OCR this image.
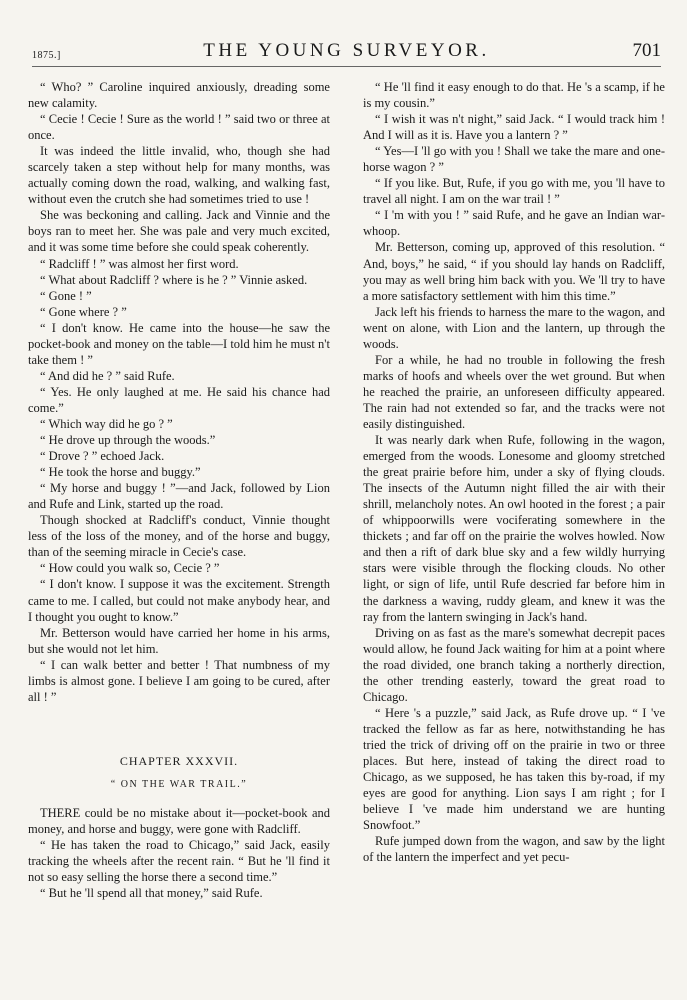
1875.]	THE YOUNG SURVEYOR.	701

“ Who? ” Caroline inquired anxiously, dreading some new calamity.

“ Cecie ! Cecie ! Sure as the world ! ” said two or three at once.

It was indeed the little invalid, who, though she had scarcely taken a step without help for many months, was actually coming down the road, walking, and walking fast, without even the crutch she had sometimes tried to use !

She was beckoning and calling. Jack and Vinnie and the boys ran to meet her. She was pale and very much excited, and it was some time before she could speak coherently.

“ Radcliff ! ” was almost her first word.

“ What about Radcliff ? where is he ? ” Vinnie asked.

“ Gone ! ”

“ Gone where ? ”

“ I don't know. He came into the house—he saw the pocket-book and money on the table—I told him he must n't take them ! ”

“ And did he ? ” said Rufe.

“ Yes. He only laughed at me. He said his chance had come.”

“ Which way did he go ? ”

“ He drove up through the woods.”

“ Drove ? ” echoed Jack.

“ He took the horse and buggy.”

“ My horse and buggy ! ”—and Jack, followed by Lion and Rufe and Link, started up the road.

Though shocked at Radcliff's conduct, Vinnie thought less of the loss of the money, and of the horse and buggy, than of the seeming miracle in Cecie's case.

“ How could you walk so, Cecie ? ”

“ I don't know. I suppose it was the excitement. Strength came to me. I called, but could not make anybody hear, and I thought you ought to know.”

Mr. Betterson would have carried her home in his arms, but she would not let him.

“ I can walk better and better ! That numbness of my limbs is almost gone. I believe I am going to be cured, after all ! ”

CHAPTER XXXVII.

“ ON THE WAR TRAIL.”

THERE could be no mistake about it—pocket-book and money, and horse and buggy, were gone with Radcliff.

“ He has taken the road to Chicago,” said Jack, easily tracking the wheels after the recent rain. “ But he 'll find it not so easy selling the horse there a second time.”

“ But he 'll spend all that money,” said Rufe.

“ He 'll find it easy enough to do that. He 's a scamp, if he is my cousin.”

“ I wish it was n't night,” said Jack. “ I would track him ! And I will as it is. Have you a lantern ? ”

“ Yes—I 'll go with you ! Shall we take the mare and one-horse wagon ? ”

“ If you like. But, Rufe, if you go with me, you 'll have to travel all night. I am on the war trail ! ”

“ I 'm with you ! ” said Rufe, and he gave an Indian war-whoop.

Mr. Betterson, coming up, approved of this resolution. “ And, boys,” he said, “ if you should lay hands on Radcliff, you may as well bring him back with you. We 'll try to have a more satisfactory settlement with him this time.”

Jack left his friends to harness the mare to the wagon, and went on alone, with Lion and the lantern, up through the woods.

For a while, he had no trouble in following the fresh marks of hoofs and wheels over the wet ground. But when he reached the prairie, an unforeseen difficulty appeared. The rain had not extended so far, and the tracks were not easily distinguished.

It was nearly dark when Rufe, following in the wagon, emerged from the woods. Lonesome and gloomy stretched the great prairie before him, under a sky of flying clouds. The insects of the Autumn night filled the air with their shrill, melancholy notes. An owl hooted in the forest ; a pair of whippoorwills were vociferating somewhere in the thickets ; and far off on the prairie the wolves howled. Now and then a rift of dark blue sky and a few wildly hurrying stars were visible through the flocking clouds. No other light, or sign of life, until Rufe descried far before him in the darkness a waving, ruddy gleam, and knew it was the ray from the lantern swinging in Jack's hand.

Driving on as fast as the mare's somewhat decrepit paces would allow, he found Jack waiting for him at a point where the road divided, one branch taking a northerly direction, the other trending easterly, toward the great road to Chicago.

“ Here 's a puzzle,” said Jack, as Rufe drove up. “ I 've tracked the fellow as far as here, notwithstanding he has tried the trick of driving off on the prairie in two or three places. But here, instead of taking the direct road to Chicago, as we supposed, he has taken this by-road, if my eyes are good for anything. Lion says I am right ; for I believe I 've made him understand we are hunting Snowfoot.”

Rufe jumped down from the wagon, and saw by the light of the lantern the imperfect and yet pecu-
